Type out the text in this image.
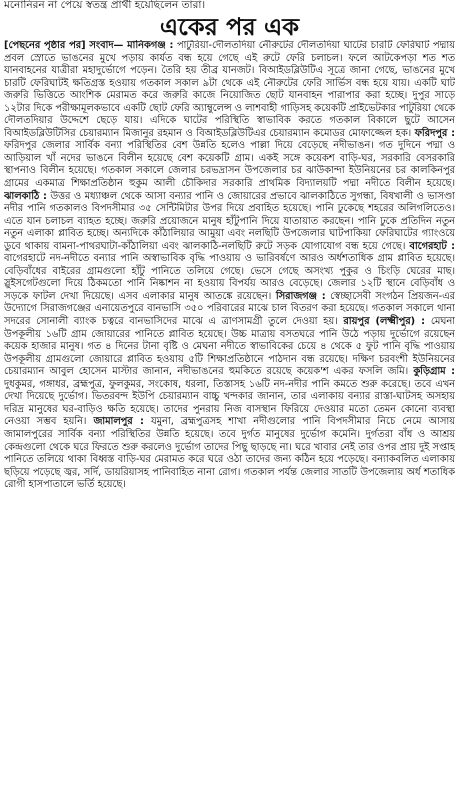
মনোনিরন না পেয়ে স্বতন্ত্র প্রার্থী হয়েছিলেন তারা।
একের পর এক

[পেছনের পৃষ্ঠার পর] সংবাদ— মানিকগঞ্জ : পাটুরিয়া-দৌলতদিয়া নৌরুটের দৌলতদিয়া ঘাটের চারটি ফেরিঘাট পদ্মায় প্রবল স্রোতে ভাঙনের মুখে পড়ায় কার্যত বন্ধ হয়ে গেছে এই রুটে ফেরি চলাচল। ফলে আটকেপড়া শত শত যানবাহনের যাত্রীরা মহাদুর্ভোগে পড়েন। তৈরি হয় তীব্র যানজট। বিআইডব্লিউটিএ সূত্রে জানা গেছে, ভাঙনের মুখে চারটি ফেরিঘাটই ক্ষতিগ্রস্ত হওয়ায় গতকাল সকাল ৯টা থেকে এই নৌরুটের ফেরি সার্ভিস বন্ধ হয়ে যায়। একটি ঘাট জরুরি ভিত্তিতে আংশিক মেরামত করে জরুরি কাজে নিয়োজিত ছোট যানবাহন পারাপার করা হচ্ছে। দুপুর সাড়ে ১২টার দিকে পরীক্ষামূলকভাবে একটি ছোট ফেরি অ্যাম্বুলেন্স ও লাশবাহী গাড়িসহ কয়েকটি প্রাইভেটকার পাটুরিয়া থেকে দৌলতদিয়ার উদ্দেশে ছেড়ে যায়। এদিকে ঘাটের পরিস্থিতি স্বাভাবিক করতে গতকাল বিকালে ছুটে আসেন বিআইডব্লিউটিসির চেয়ারম্যান মিজানুর রহমান ও বিআইডব্লিউটিএর চেয়ারম্যান কমোডর মোফাজ্জেল হক। ফরিদপুর : ফরিদপুর জেলার সার্বিক বন্যা পরিস্থিতির বেশ উন্নতি হলেও পাল্লা দিয়ে বেড়েছে নদীভাঙন। গত দুদিনে পদ্মা ও আড়িয়াল খাঁ নদের ভাঙনে বিলীন হয়েছে বেশ কয়েকটি গ্রাম। একই সঙ্গে কয়েকশ বাড়ি-ঘর, সরকারি বেসরকারি স্থাপনাও বিলীন হয়েছে। গতকাল সকালে জেলার চরভদ্রাসন উপজেলার চর ঝাউকান্দা ইউনিয়নের চর কালকিনপুর গ্রামের একমাত্র শিক্ষাপ্রতিষ্ঠান হুকুম আলী চৌকিদার সরকারি প্রাথমিক বিদ্যালয়টি পদ্মা নদীতে বিলীন হয়েছে। ঝালকাঠি : উত্তর ও মধ্যাঞ্চল থেকে আসা বন্যার পানি ও জোয়ারের প্রভাবে ঝালকাঠিতে সুগন্ধা, বিষখালী ও ভাসণ্ডা নদীর পানি গতকালও বিপদসীমার ৩৫ সেন্টিমিটার উপর দিয়ে প্রবাহিত হয়েছে। পানি ঢুকেছে শহরের অলিগলিতেও। এতে যান চলাচল ব্যাহত হচ্ছে। জরুরি প্রয়োজনে মানুষ হাঁটুপানি দিয়ে যাতায়াত করছেন। পানি ঢুকে প্রতিদিন নতুন নতুন এলাকা প্লাবিত হচ্ছে। অন্যদিকে কাঁঠালিয়ার আমুয়া এবং নলছিটি উপজেলার ঘাটপাকিয়া ফেরিঘাটের গ্যাংওয়ে ডুবে থাকায় বামনা-পাথরঘাটা-কাঁঠালিয়া এবং ঝালকাঠি-নলছিটি রুটে সড়ক যোগাযোগ বন্ধ হয়ে গেছে। বাগেরহাট : বাগেরহাটে নদ-নদীতে বন্যার পানি অস্বাভাবিক বৃদ্ধি পাওয়ায় ও ভারিবর্ষণে আরও অর্ধশতাধিক গ্রাম প্লাবিত হয়েছে। বেড়িবাঁধের বাইরের গ্রামগুলো হাঁটু পানিতে তলিয়ে গেছে। ভেসে গেছে অসংখ্য পুকুর ও চিংড়ি ঘেরের মাছ। স্লুইসগেটগুলো দিয়ে ঠিকমতো পানি নিষ্কাশন না হওয়ায় বিপর্যয় আরও বেড়েছে। জেলার ১২টি স্থানে বেড়িবাঁধ ও সড়কে ফাটল দেখা দিয়েছে। এসব এলাকার মানুষ আতঙ্কে রয়েছেন। সিরাজগঞ্জ : স্বেচ্ছাসেবী সংগঠন প্রিয়জন-এর উদ্যোগে সিরাজগঞ্জের এনায়েতপুরে বানভাসি ৩৫০ পরিবারের মাঝে চাল বিতরণ করা হয়েছে। গতকাল সকালে থানা সদরের সোনালী ব্যাংক চত্বরে বানভাসিদের মাঝে এ ত্রাণসামগ্রী তুলে দেওয়া হয়। রায়পুর (লক্ষ্মীপুর) : মেঘনা উপকূলীয় ১৬টি গ্রাম জোয়ারের পানিতে প্লাবিত হয়েছে। উচ্চ মাত্রায় বসতঘরে পানি উঠে পড়ায় দুর্ভোগে রয়েছেন কয়েক হাজার মানুষ। গত ৪ দিনের টানা বৃষ্টি ও মেঘনা নদীতে স্বাভাবিকের চেয়ে ৪ থেকে ৫ ফুট পানি বৃদ্ধি পাওয়ায় উপকূলীয় গ্রামগুলো জোয়ারে প্লাবিত হওয়ায় ৫টি শিক্ষাপ্রতিষ্ঠানে পাঠদান বন্ধ রয়েছে। দক্ষিণ চরবংশী ইউনিয়নের চেয়ারম্যান আবুল হোসেন মাস্টার জানান, নদীভাঙনের হুমকিতে রয়েছে কয়েক'শ একর ফসলি জমি। কুড়িগ্রাম : দুধকুমর, গঙ্গাধর, ব্রহ্মপুত্র, ফুলকুমর, সংকোষ, ধরলা, তিস্তাসহ ১৬টি নদ-নদীর পানি কমতে শুরু করেছে। তবে এখন দেখা দিয়েছে দুর্ভোগ। ভিতরবন্দ ইউপি চেয়ারম্যান বাচ্চু খন্দকার জানান, তার এলাকায় বন্যার রাস্তা-ঘাটসহ অসহায় দরিদ্র মানুষের ঘর-বাড়িও ক্ষতি হয়েছে। তাদের পুনরায় নিজ বাসস্থান ফিরিয়ে দেওয়ার মতো তেমন কোনো ব্যবস্থা নেওয়া সম্ভব হয়নি। জামালপুর : যমুনা, ব্রহ্মপুত্রসহ শাখা নদীগুলোর পানি বিপদসীমার নিচে নেমে আসায় জামালপুরের সার্বিক বন্যা পরিস্থিতির উন্নতি হয়েছে। তবে দুর্গত মানুষের দুর্ভোগ কমেনি। দুর্গতরা বাঁধ ও আশ্রয় কেন্দ্রগুলো থেকে ঘরে ফিরতে শুরু করলেও দুর্ভোগ তাদের পিছু ছাড়ছে না। ঘরে খাবার নেই তার ওপর প্রায় দুই সপ্তাহ পানিতে তলিয়ে থাকা বিধ্বস্ত বাড়ি-ঘর মেরামত করে ঘরে ওঠা তাদের জন্য কঠিন হয়ে পড়েছে। বন্যাকবলিত এলাকায় ছড়িয়ে পড়েছে জ্বর, সর্দি, ডায়রিয়াসহ পানিবাহিত নানা রোগ। গতকাল পর্যন্ত জেলার সাতটি উপজেলায় অর্ধ শতাধিক রোগী হাসপাতালে ভর্তি হয়েছে।
